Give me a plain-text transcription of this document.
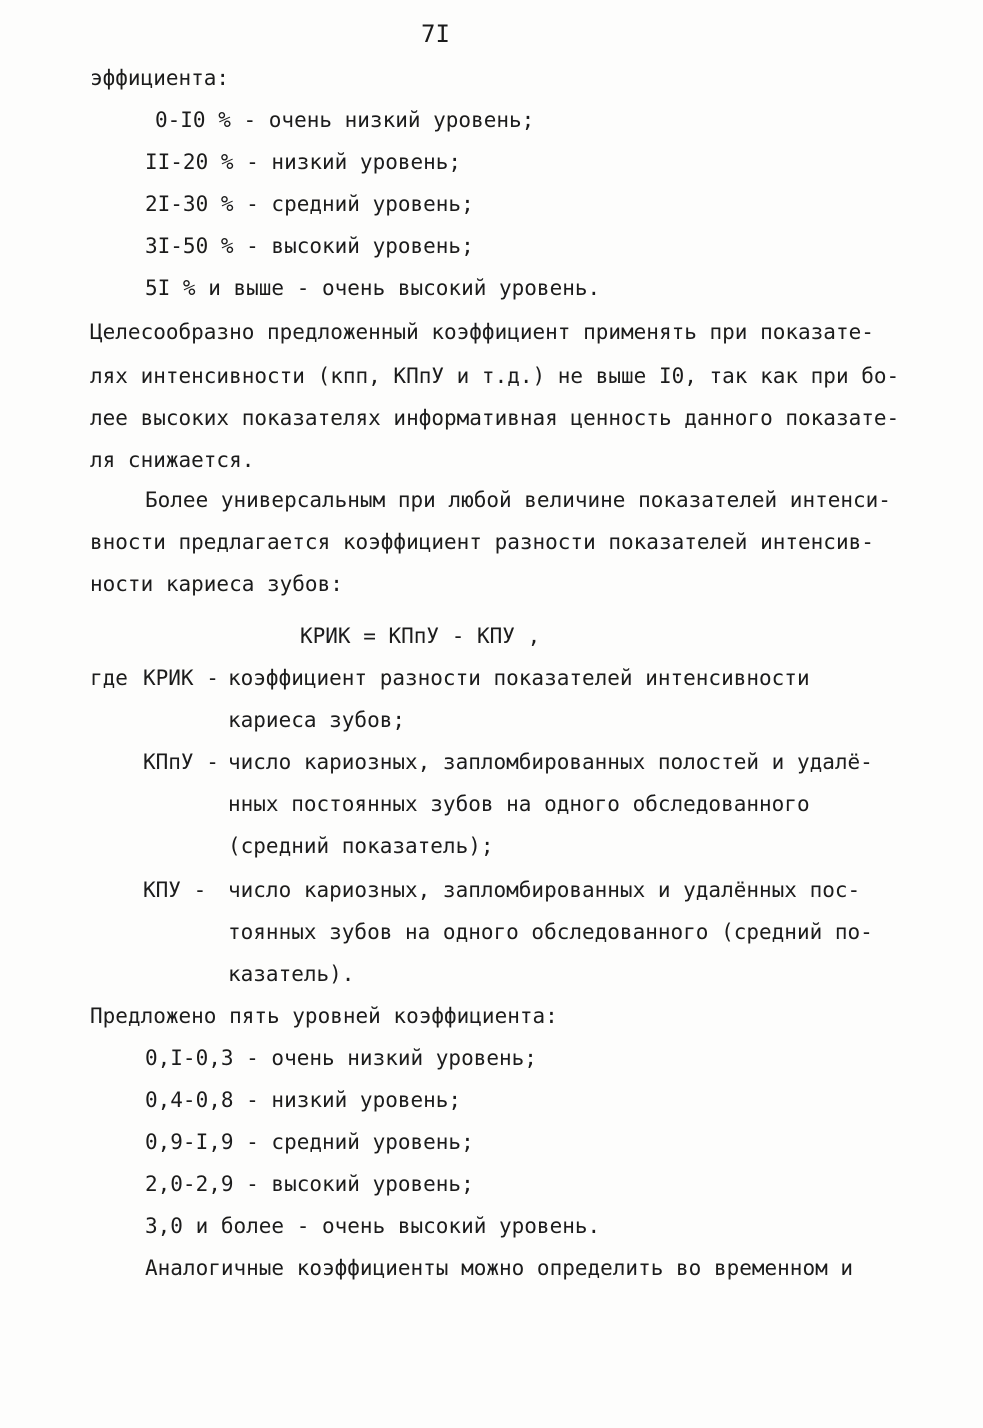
7I
эффициента:
0-I0 % - очень низкий уровень;
II-20 % - низкий уровень;
2I-30 % - средний уровень;
3I-50 % - высокий уровень;
5I % и выше - очень высокий уровень.
Целесообразно предложенный коэффициент применять при показате-
лях интенсивности (кпп, КПпУ и т.д.) не выше I0, так как при бо-
лее высоких показателях информативная ценность данного показате-
ля снижается.
Более универсальным при любой величине показателей интенси-
вности предлагается коэффициент разности показателей интенсив-
ности кариеса зубов:
КРИК = КПпУ - КПУ ,
где КРИК - коэффициент разности показателей интенсивности
кариеса зубов;
КПпУ - число кариозных, запломбированных полостей и удалё-
нных постоянных зубов на одного обследованного
(средний показатель);
КПУ - число кариозных, запломбированных и удалённых пос-
тоянных зубов на одного обследованного (средний по-
казатель).
Предложено пять уровней коэффициента:
0,I-0,3 - очень низкий уровень;
0,4-0,8 - низкий уровень;
0,9-I,9 - средний уровень;
2,0-2,9 - высокий уровень;
3,0 и более - очень высокий уровень.
Аналогичные коэффициенты можно определить во временном и
